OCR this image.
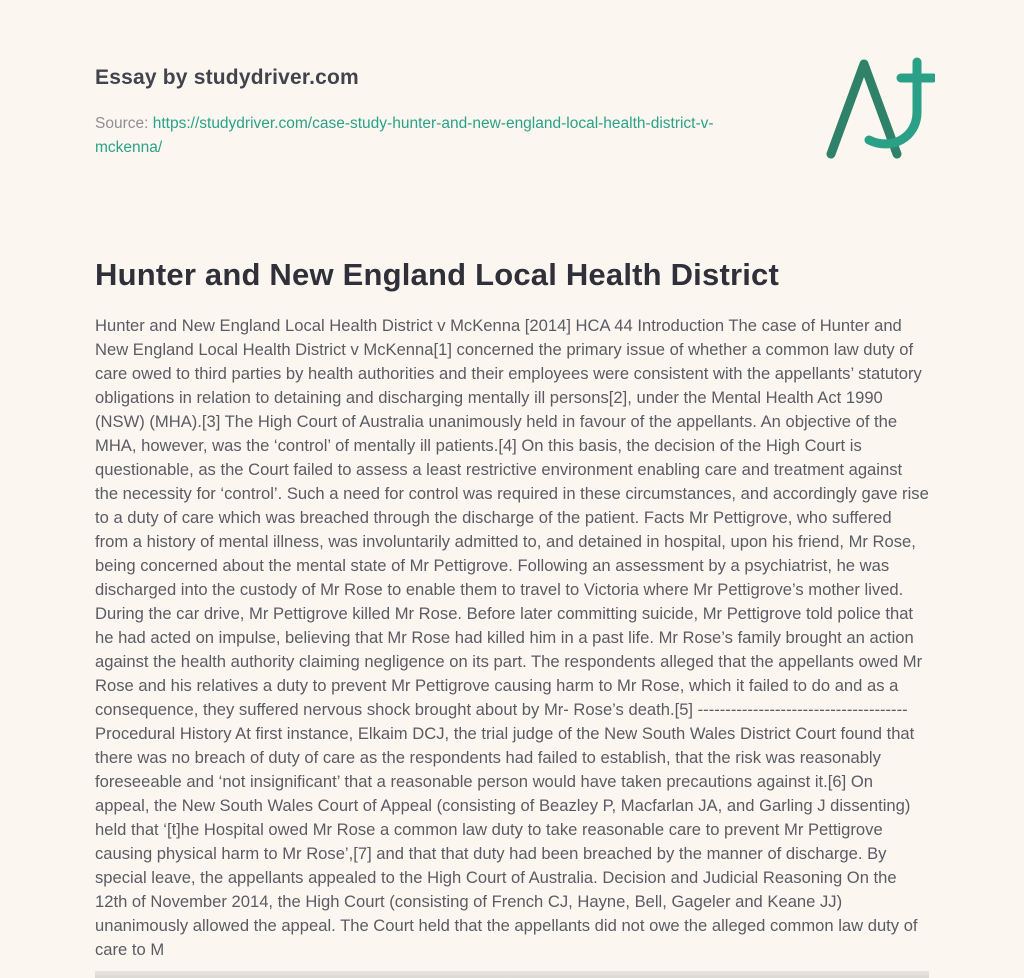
Essay by studydriver.com
Source: https://studydriver.com/case-study-hunter-and-new-england-local-health-district-v-mckenna/
Hunter and New England Local Health District

Hunter and New England Local Health District v McKenna [2014] HCA 44 Introduction The case of Hunter and New England Local Health District v McKenna[1] concerned the primary issue of whether a common law duty of care owed to third parties by health authorities and their employees were consistent with the appellants’ statutory obligations in relation to detaining and discharging mentally ill persons[2], under the Mental Health Act 1990 (NSW) (MHA).[3] The High Court of Australia unanimously held in favour of the appellants. An objective of the MHA, however, was the ‘control’ of mentally ill patients.[4] On this basis, the decision of the High Court is questionable, as the Court failed to assess a least restrictive environment enabling care and treatment against the necessity for ‘control’. Such a need for control was required in these circumstances, and accordingly gave rise to a duty of care which was breached through the discharge of the patient. Facts Mr Pettigrove, who suffered from a history of mental illness, was involuntarily admitted to, and detained in hospital, upon his friend, Mr Rose, being concerned about the mental state of Mr Pettigrove. Following an assessment by a psychiatrist, he was discharged into the custody of Mr Rose to enable them to travel to Victoria where Mr Pettigrove’s mother lived. During the car drive, Mr Pettigrove killed Mr Rose. Before later committing suicide, Mr Pettigrove told police that he had acted on impulse, believing that Mr Rose had killed him in a past life. Mr Rose’s family brought an action against the health authority claiming negligence on its part. The respondents alleged that the appellants owed Mr Rose and his relatives a duty to prevent Mr Pettigrove causing harm to Mr Rose, which it failed to do and as a consequence, they suffered nervous shock brought about by Mr- Rose’s death.[5] -------------------------------------- Procedural History At first instance, Elkaim DCJ, the trial judge of the New South Wales District Court found that there was no breach of duty of care as the respondents had failed to establish, that the risk was reasonably foreseeable and ‘not insignificant’ that a reasonable person would have taken precautions against it.[6] On appeal, the New South Wales Court of Appeal (consisting of Beazley P, Macfarlan JA, and Garling J dissenting) held that ‘[t]he Hospital owed Mr Rose a common law duty to take reasonable care to prevent Mr Pettigrove causing physical harm to Mr Rose’,[7] and that that duty had been breached by the manner of discharge. By special leave, the appellants appealed to the High Court of Australia. Decision and Judicial Reasoning On the 12th of November 2014, the High Court (consisting of French CJ, Hayne, Bell, Gageler and Keane JJ) unanimously allowed the appeal. The Court held that the appellants did not owe the alleged common law duty of care to M
